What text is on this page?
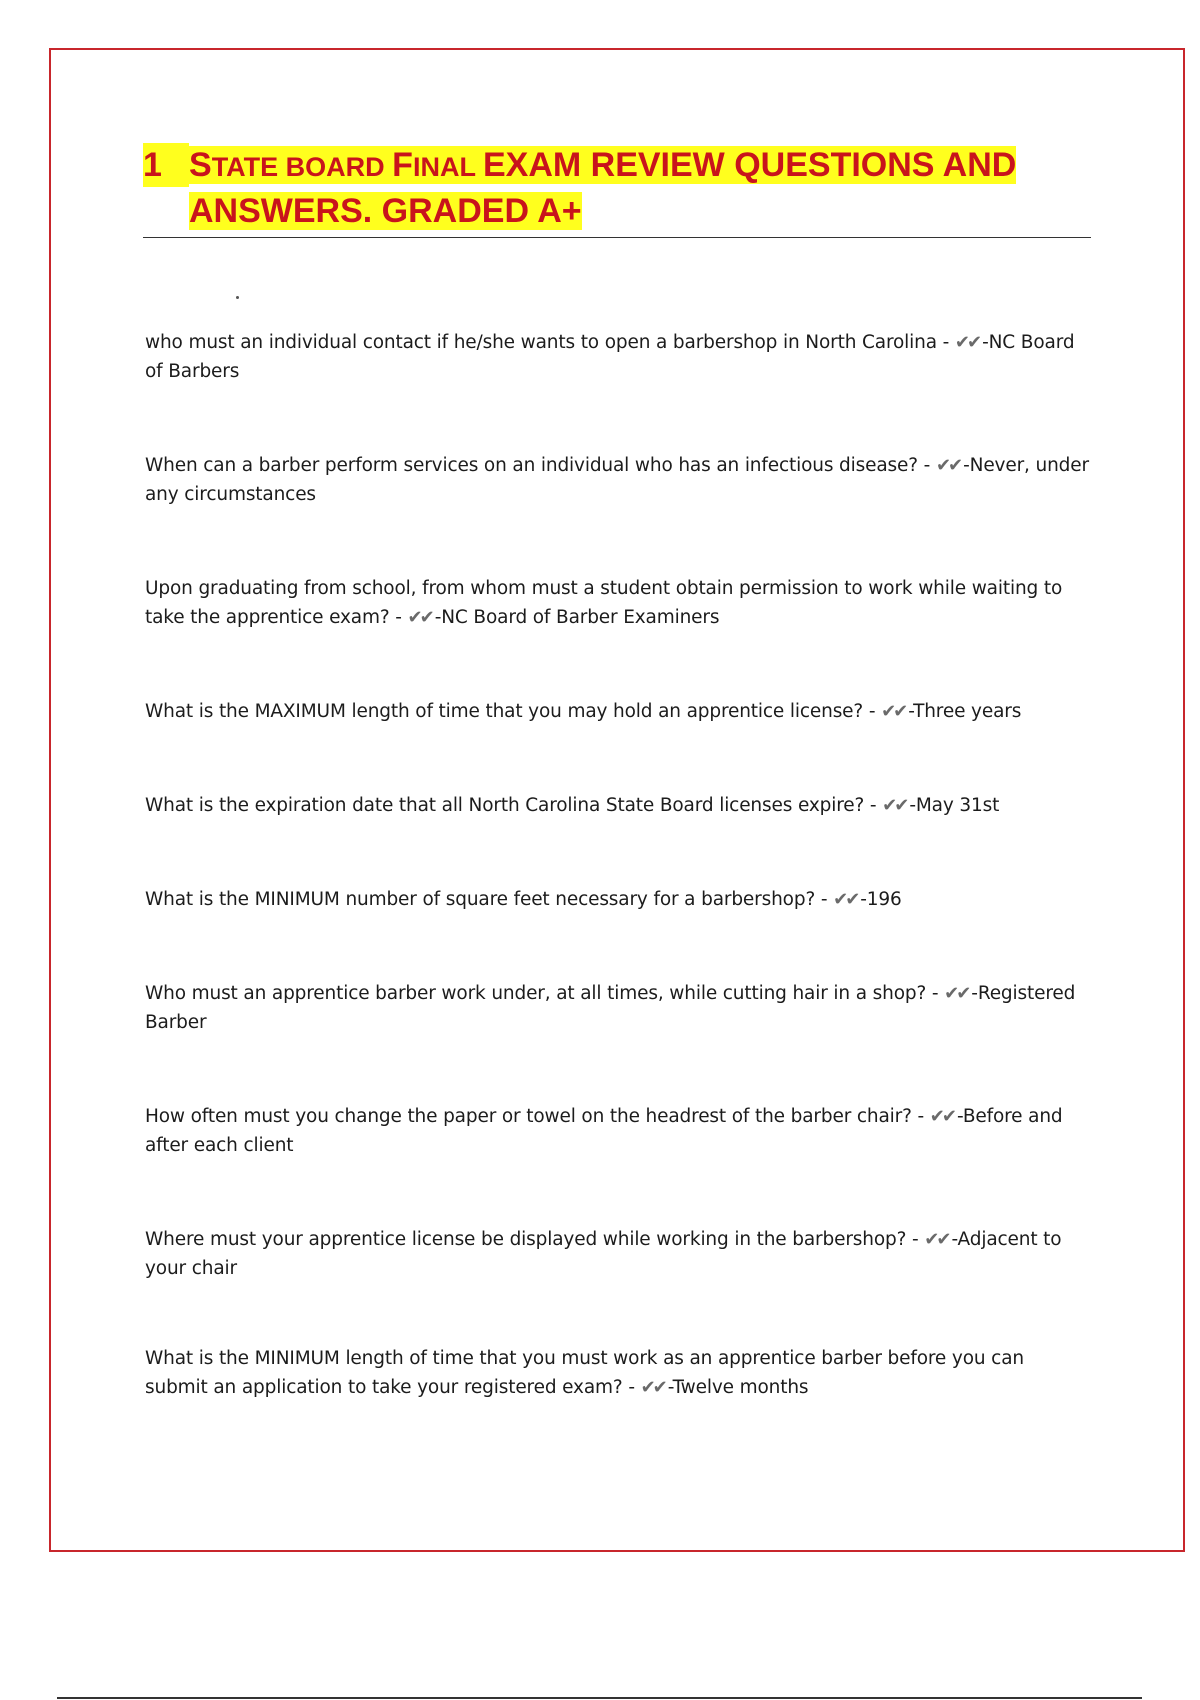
1 STATE BOARD FINAL EXAM REVIEW QUESTIONS AND
ANSWERS. GRADED A+
who must an individual contact if he/she wants to open a barbershop in North Carolina - ✔✔ -NC Board of Barbers
When can a barber perform services on an individual who has an infectious disease? - ✔✔ -Never, under any circumstances
Upon graduating from school, from whom must a student obtain permission to work while waiting to take the apprentice exam? - ✔✔ -NC Board of Barber Examiners
What is the MAXIMUM length of time that you may hold an apprentice license? - ✔✔ -Three years
What is the expiration date that all North Carolina State Board licenses expire? - ✔✔ -May 31st
What is the MINIMUM number of square feet necessary for a barbershop? - ✔✔ -196
Who must an apprentice barber work under, at all times, while cutting hair in a shop? - ✔✔ -Registered Barber
How often must you change the paper or towel on the headrest of the barber chair? - ✔✔ -Before and after each client
Where must your apprentice license be displayed while working in the barbershop? - ✔✔ -Adjacent to your chair
What is the MINIMUM length of time that you must work as an apprentice barber before you can submit an application to take your registered exam? - ✔✔ -Twelve months
